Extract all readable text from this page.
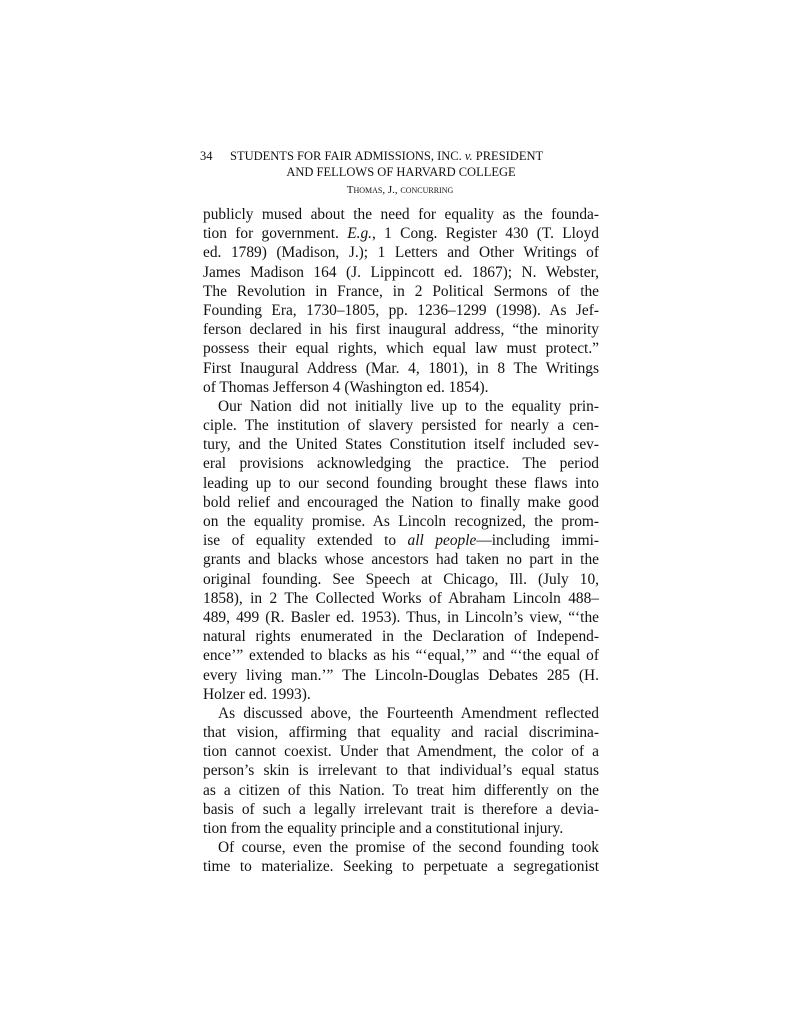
34	STUDENTS FOR FAIR ADMISSIONS, INC. v. PRESIDENT
AND FELLOWS OF HARVARD COLLEGE
Thomas, J., concurring
publicly mused about the need for equality as the founda-
tion for government. E.g., 1 Cong. Register 430 (T. Lloyd
ed. 1789) (Madison, J.); 1 Letters and Other Writings of
James Madison 164 (J. Lippincott ed. 1867); N. Webster,
The Revolution in France, in 2 Political Sermons of the
Founding Era, 1730–1805, pp. 1236–1299 (1998). As Jef-
ferson declared in his first inaugural address, “the minority
possess their equal rights, which equal law must protect.”
First Inaugural Address (Mar. 4, 1801), in 8 The Writings
of Thomas Jefferson 4 (Washington ed. 1854).
Our Nation did not initially live up to the equality prin-
ciple. The institution of slavery persisted for nearly a cen-
tury, and the United States Constitution itself included sev-
eral provisions acknowledging the practice. The period
leading up to our second founding brought these flaws into
bold relief and encouraged the Nation to finally make good
on the equality promise. As Lincoln recognized, the prom-
ise of equality extended to all people—including immi-
grants and blacks whose ancestors had taken no part in the
original founding. See Speech at Chicago, Ill. (July 10,
1858), in 2 The Collected Works of Abraham Lincoln 488–
489, 499 (R. Basler ed. 1953). Thus, in Lincoln’s view, “‘the
natural rights enumerated in the Declaration of Independ-
ence’” extended to blacks as his “‘equal,’” and “‘the equal of
every living man.’” The Lincoln-Douglas Debates 285 (H.
Holzer ed. 1993).
As discussed above, the Fourteenth Amendment reflected
that vision, affirming that equality and racial discrimina-
tion cannot coexist. Under that Amendment, the color of a
person’s skin is irrelevant to that individual’s equal status
as a citizen of this Nation. To treat him differently on the
basis of such a legally irrelevant trait is therefore a devia-
tion from the equality principle and a constitutional injury.
Of course, even the promise of the second founding took
time to materialize. Seeking to perpetuate a segregationist
